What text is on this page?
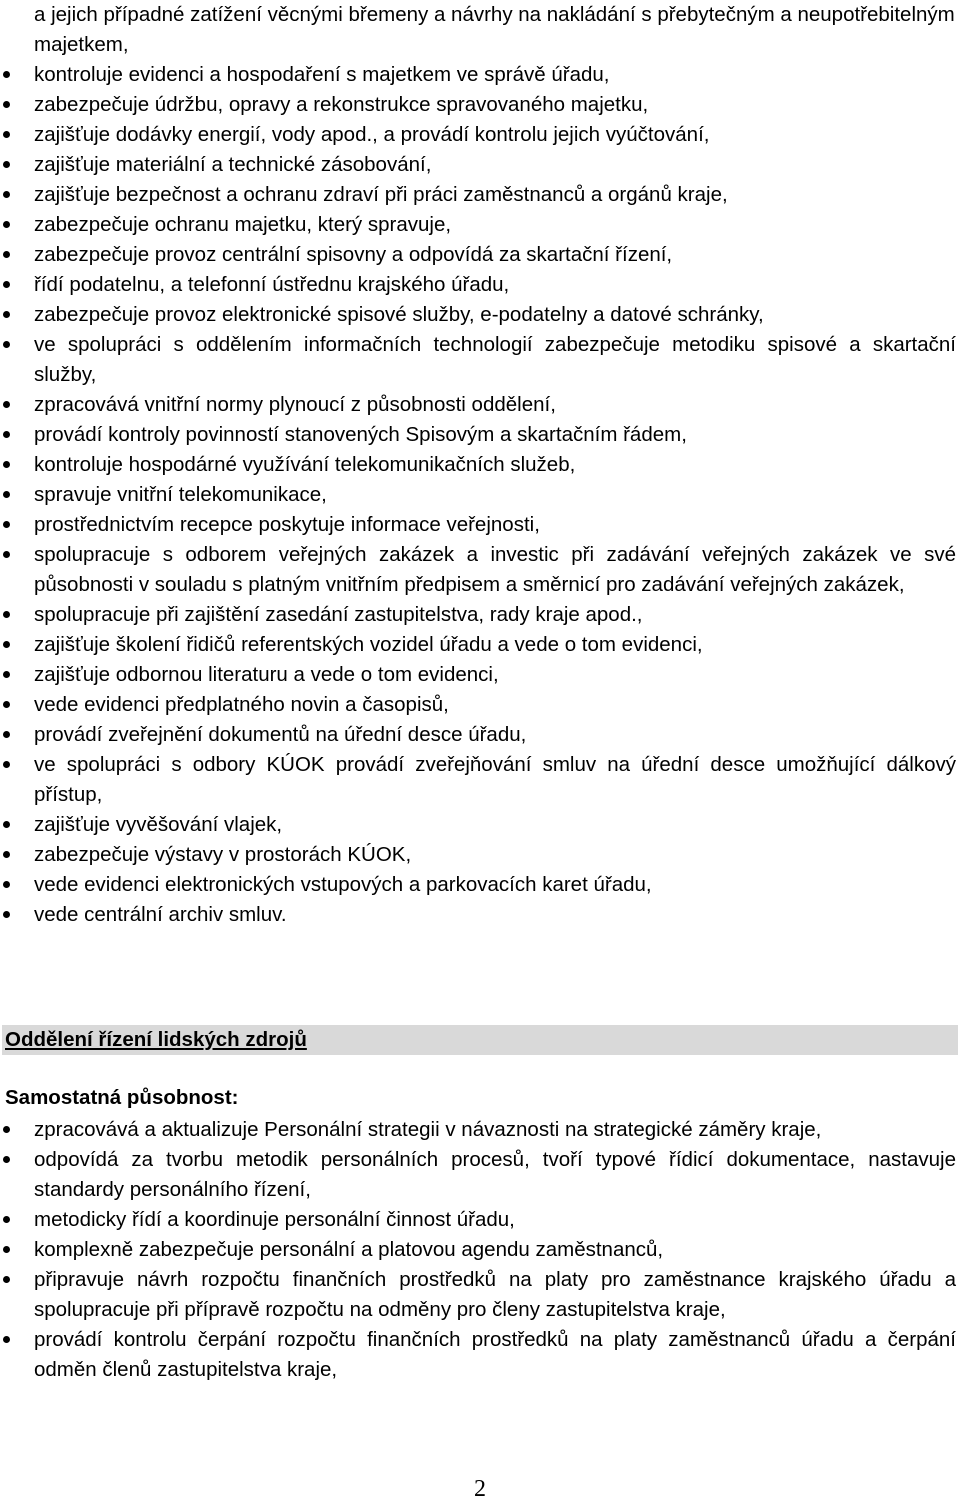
a jejich případné zatížení věcnými břemeny a návrhy na nakládání s přebytečným a neupotřebitelným majetkem,
kontroluje evidenci a hospodaření s majetkem ve správě úřadu,
zabezpečuje údržbu, opravy a rekonstrukce spravovaného majetku,
zajišťuje dodávky energií, vody apod., a provádí kontrolu jejich vyúčtování,
zajišťuje materiální a technické zásobování,
zajišťuje bezpečnost a ochranu zdraví při práci zaměstnanců a orgánů kraje,
zabezpečuje ochranu majetku, který spravuje,
zabezpečuje provoz centrální spisovny a odpovídá za skartační řízení,
řídí podatelnu, a telefonní ústřednu krajského úřadu,
zabezpečuje provoz elektronické spisové služby, e-podatelny a datové schránky,
ve spolupráci s oddělením informačních technologií zabezpečuje metodiku spisové a skartační služby,
zpracovává vnitřní normy plynoucí z působnosti oddělení,
provádí kontroly povinností stanovených Spisovým a skartačním řádem,
kontroluje hospodárné využívání telekomunikačních služeb,
spravuje vnitřní telekomunikace,
prostřednictvím recepce poskytuje informace veřejnosti,
spolupracuje s odborem veřejných zakázek a investic při zadávání veřejných zakázek ve své působnosti v souladu s platným vnitřním předpisem a směrnicí pro zadávání veřejných zakázek,
spolupracuje při zajištění zasedání zastupitelstva, rady kraje apod.,
zajišťuje školení řidičů referentských vozidel úřadu a vede o tom evidenci,
zajišťuje odbornou literaturu a vede o tom evidenci,
vede evidenci předplatného novin a časopisů,
provádí zveřejnění dokumentů na úřední desce úřadu,
ve spolupráci s odbory KÚOK provádí zveřejňování smluv na úřední desce umožňující dálkový přístup,
zajišťuje vyvěšování vlajek,
zabezpečuje výstavy v prostorách KÚOK,
vede evidenci elektronických vstupových a parkovacích karet úřadu,
vede centrální archiv smluv.
Oddělení řízení lidských zdrojů
Samostatná působnost:
zpracovává a aktualizuje Personální strategii v návaznosti na strategické záměry kraje,
odpovídá za tvorbu metodik personálních procesů, tvoří typové řídicí dokumentace, nastavuje standardy personálního řízení,
metodicky řídí a koordinuje personální činnost úřadu,
komplexně zabezpečuje personální a platovou agendu zaměstnanců,
připravuje návrh rozpočtu finančních prostředků na platy pro zaměstnance krajského úřadu a spolupracuje při přípravě rozpočtu na odměny pro členy zastupitelstva kraje,
provádí kontrolu čerpání rozpočtu finančních prostředků na platy zaměstnanců úřadu a čerpání odměn členů zastupitelstva kraje,
2
